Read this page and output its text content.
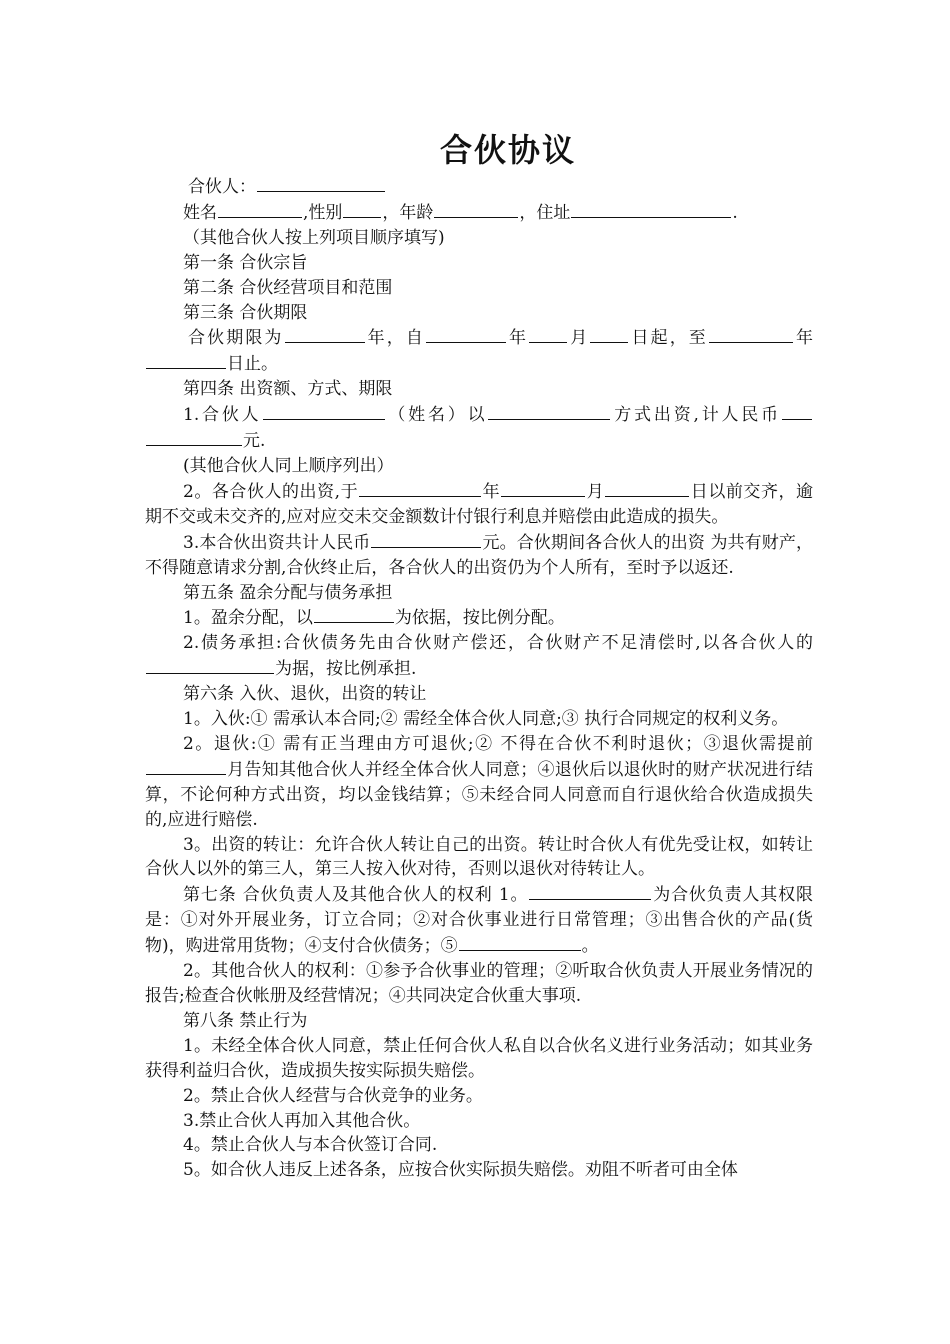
合伙协议

合伙人：

姓名	,性别 ，年龄	，住址	.

（其他合伙人按上列项目顺序填写)

第一条 合伙宗旨

第二条 合伙经营项目和范围

第三条 合伙期限

合伙期限为	年，自	年 月 日起，至	年日止。

第四条 出资额、方式、期限

1.合伙人	（姓名）以	方式出资,计人民币元.

(其他合伙人同上顺序列出）

2。各合伙人的出资,于	年	月	日以前交齐，逾期不交或未交齐的,应对应交未交金额数计付银行利息并赔偿由此造成的损失。

3.本合伙出资共计人民币	元。合伙期间各合伙人的出资 为共有财产，不得随意请求分割,合伙终止后，各合伙人的出资仍为个人所有，至时予以返还.

第五条 盈余分配与债务承担

1。盈余分配，以	为依据，按比例分配。

2.债务承担:合伙债务先由合伙财产偿还，合伙财产不足清偿时,以各合伙人的为据，按比例承担.

第六条 入伙、退伙，出资的转让

1。入伙:① 需承认本合同;② 需经全体合伙人同意;③ 执行合同规定的权利义务。

2。退伙:① 需有正当理由方可退伙;② 不得在合伙不利时退伙；③退伙需提前月告知其他合伙人并经全体合伙人同意；④退伙后以退伙时的财产状况进行结算，不论何种方式出资，均以金钱结算；⑤未经合同人同意而自行退伙给合伙造成损失的,应进行赔偿.

3。出资的转让：允许合伙人转让自己的出资。转让时合伙人有优先受让权，如转让合伙人以外的第三人，第三人按入伙对待，否则以退伙对待转让人。

第七条 合伙负责人及其他合伙人的权利 1。	为合伙负责人其权限是：①对外开展业务，订立合同；②对合伙事业进行日常管理；③出售合伙的产品(货物)，购进常用货物；④支付合伙债务；⑤	。

2。其他合伙人的权利：①参予合伙事业的管理；②听取合伙负责人开展业务情况的报告;检查合伙帐册及经营情况；④共同决定合伙重大事项.

第八条 禁止行为

1。未经全体合伙人同意，禁止任何合伙人私自以合伙名义进行业务活动；如其业务获得利益归合伙，造成损失按实际损失赔偿。

2。禁止合伙人经营与合伙竞争的业务。

3.禁止合伙人再加入其他合伙。

4。禁止合伙人与本合伙签订合同.

5。如合伙人违反上述各条，应按合伙实际损失赔偿。劝阻不听者可由全体
